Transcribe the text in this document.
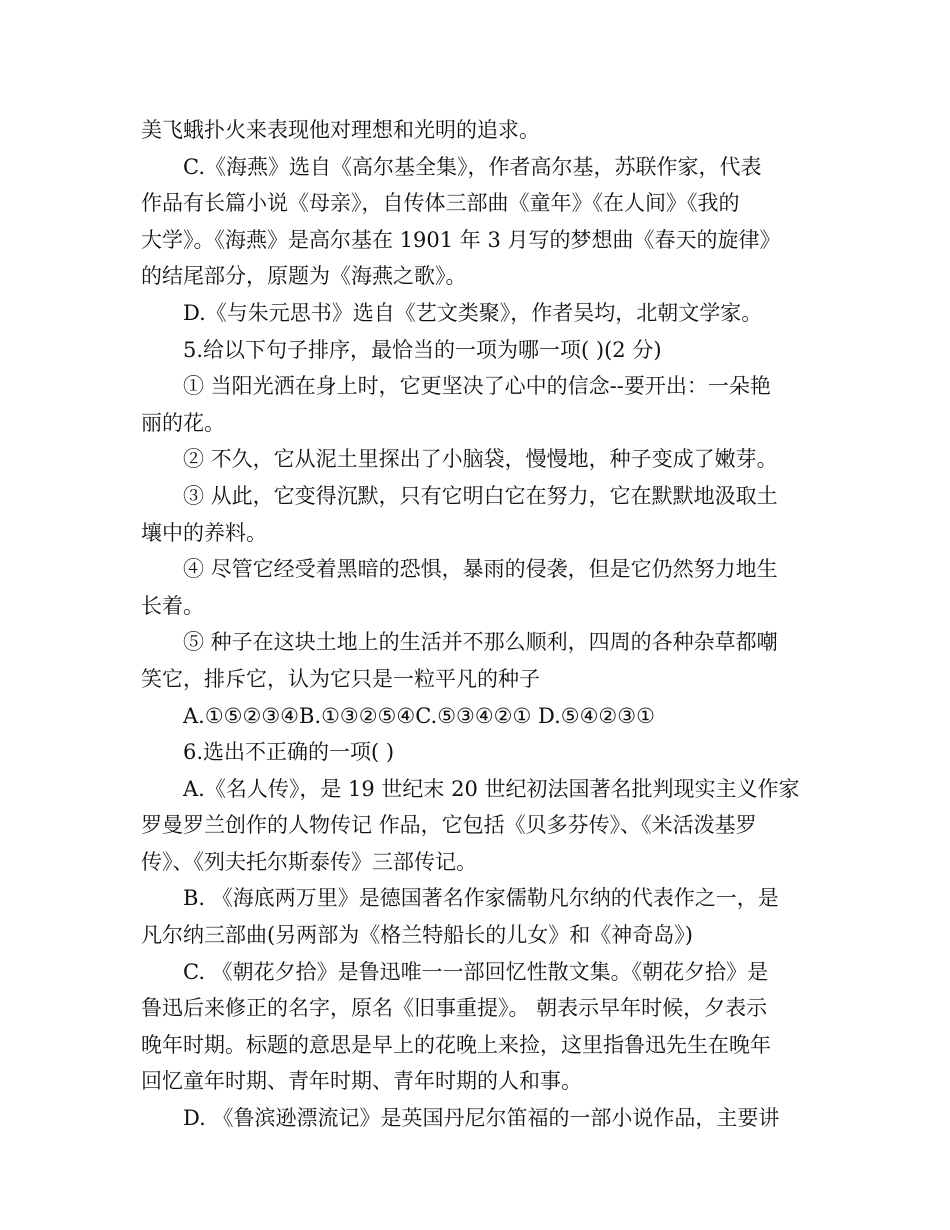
美飞蛾扑火来表现他对理想和光明的追求。
C.《海燕》选自《高尔基全集》，作者高尔基，苏联作家，代表
作品有长篇小说《母亲》，自传体三部曲《童年》《在人间》《我的
大学》。《海燕》是高尔基在 1901 年 3 月写的梦想曲《春天的旋律》
的结尾部分，原题为《海燕之歌》。
D.《与朱元思书》选自《艺文类聚》，作者吴均，北朝文学家。
5.给以下句子排序，最恰当的一项为哪一项( )(2 分)
① 当阳光洒在身上时，它更坚决了心中的信念--要开出：一朵艳
丽的花。
② 不久，它从泥土里探出了小脑袋，慢慢地，种子变成了嫩芽。
③ 从此，它变得沉默，只有它明白它在努力，它在默默地汲取土
壤中的养料。
④ 尽管它经受着黑暗的恐惧，暴雨的侵袭，但是它仍然努力地生
长着。
⑤ 种子在这块土地上的生活并不那么顺利，四周的各种杂草都嘲
笑它，排斥它，认为它只是一粒平凡的种子
A.①⑤②③④B.①③②⑤④C.⑤③④②① D.⑤④②③①
6.选出不正确的一项( )
A.《名人传》，是 19 世纪末 20 世纪初法国著名批判现实主义作家
罗曼罗兰创作的人物传记 作品，它包括《贝多芬传》、《米活泼基罗
传》、《列夫托尔斯泰传》三部传记。
B. 《海底两万里》是德国著名作家儒勒凡尔纳的代表作之一，是
凡尔纳三部曲(另两部为《格兰特船长的儿女》和《神奇岛》)
C. 《朝花夕拾》是鲁迅唯一一部回忆性散文集。《朝花夕拾》是
鲁迅后来修正的名字，原名《旧事重提》。 朝表示早年时候，夕表示
晚年时期。标题的意思是早上的花晚上来捡，这里指鲁迅先生在晚年
回忆童年时期、青年时期、青年时期的人和事。
D. 《鲁滨逊漂流记》是英国丹尼尔笛福的一部小说作品，主要讲
